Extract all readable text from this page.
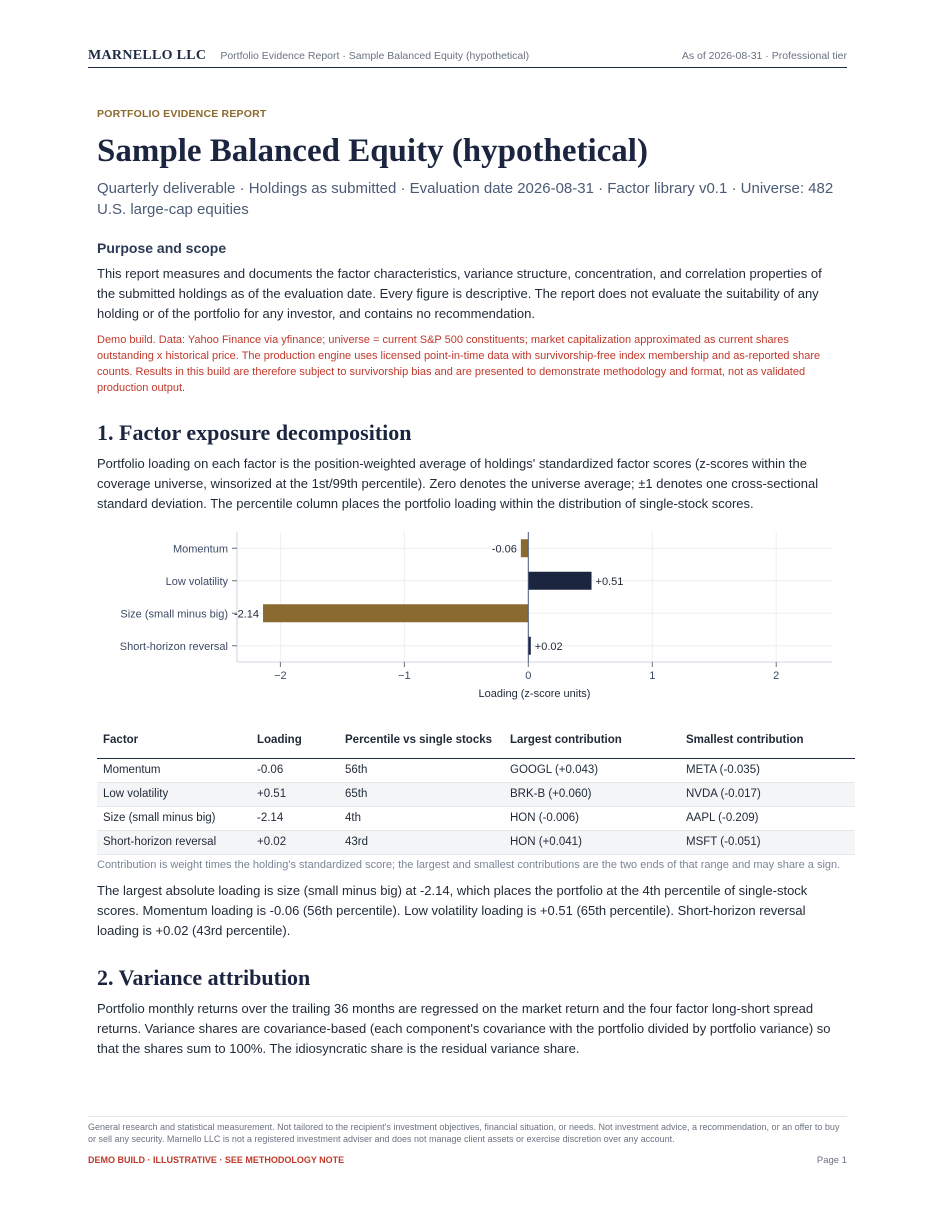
MARNELLO LLC Portfolio Evidence Report · Sample Balanced Equity (hypothetical)	As of 2026-08-31 · Professional tier
PORTFOLIO EVIDENCE REPORT
Sample Balanced Equity (hypothetical)
Quarterly deliverable · Holdings as submitted · Evaluation date 2026-08-31 · Factor library v0.1 · Universe: 482 U.S. large-cap equities
Purpose and scope

This report measures and documents the factor characteristics, variance structure, concentration, and correlation properties of the submitted holdings as of the evaluation date. Every figure is descriptive. The report does not evaluate the suitability of any holding or of the portfolio for any investor, and contains no recommendation.

Demo build. Data: Yahoo Finance via yfinance; universe = current S&P 500 constituents; market capitalization approximated as current shares outstanding x historical price. The production engine uses licensed point-in-time data with survivorship-free index membership and as-reported share counts. Results in this build are therefore subject to survivorship bias and are presented to demonstrate methodology and format, not as validated production output.

1. Factor exposure decomposition

Portfolio loading on each factor is the position-weighted average of holdings' standardized factor scores (z-scores within the coverage universe, winsorized at the 1st/99th percentile). Zero denotes the universe average; ±1 denotes one cross-sectional standard deviation. The percentile column places the portfolio loading within the distribution of single-stock scores.

Momentum	-0.06
Low volatility	+0.51
Size (small minus big) -2.14
Short-horizon reversal	+0.02
−2	−1	0	1	2
Loading (z-score units)
Factor	Loading	Percentile vs single stocks	Largest contribution	Smallest contribution
Momentum	-0.06	56th	GOOGL (+0.043)	META (-0.035)
Low volatility	+0.51	65th	BRK-B (+0.060)	NVDA (-0.017)
Size (small minus big)	-2.14	4th	HON (-0.006)	AAPL (-0.209)
Short-horizon reversal	+0.02	43rd	HON (+0.041)	MSFT (-0.051)
Contribution is weight times the holding's standardized score; the largest and smallest contributions are the two ends of that range and may share a sign.

The largest absolute loading is size (small minus big) at -2.14, which places the portfolio at the 4th percentile of single-stock scores. Momentum loading is -0.06 (56th percentile). Low volatility loading is +0.51 (65th percentile). Short-horizon reversal loading is +0.02 (43rd percentile).

2. Variance attribution

Portfolio monthly returns over the trailing 36 months are regressed on the market return and the four factor long-short spread returns. Variance shares are covariance-based (each component's covariance with the portfolio divided by portfolio variance) so that the shares sum to 100%. The idiosyncratic share is the residual variance share.

General research and statistical measurement. Not tailored to the recipient's investment objectives, financial situation, or needs. Not investment advice, a recommendation, or an offer to buy or sell any security. Marnello LLC is not a registered investment adviser and does not manage client assets or exercise discretion over any account.
DEMO BUILD · ILLUSTRATIVE · SEE METHODOLOGY NOTE	Page 1
